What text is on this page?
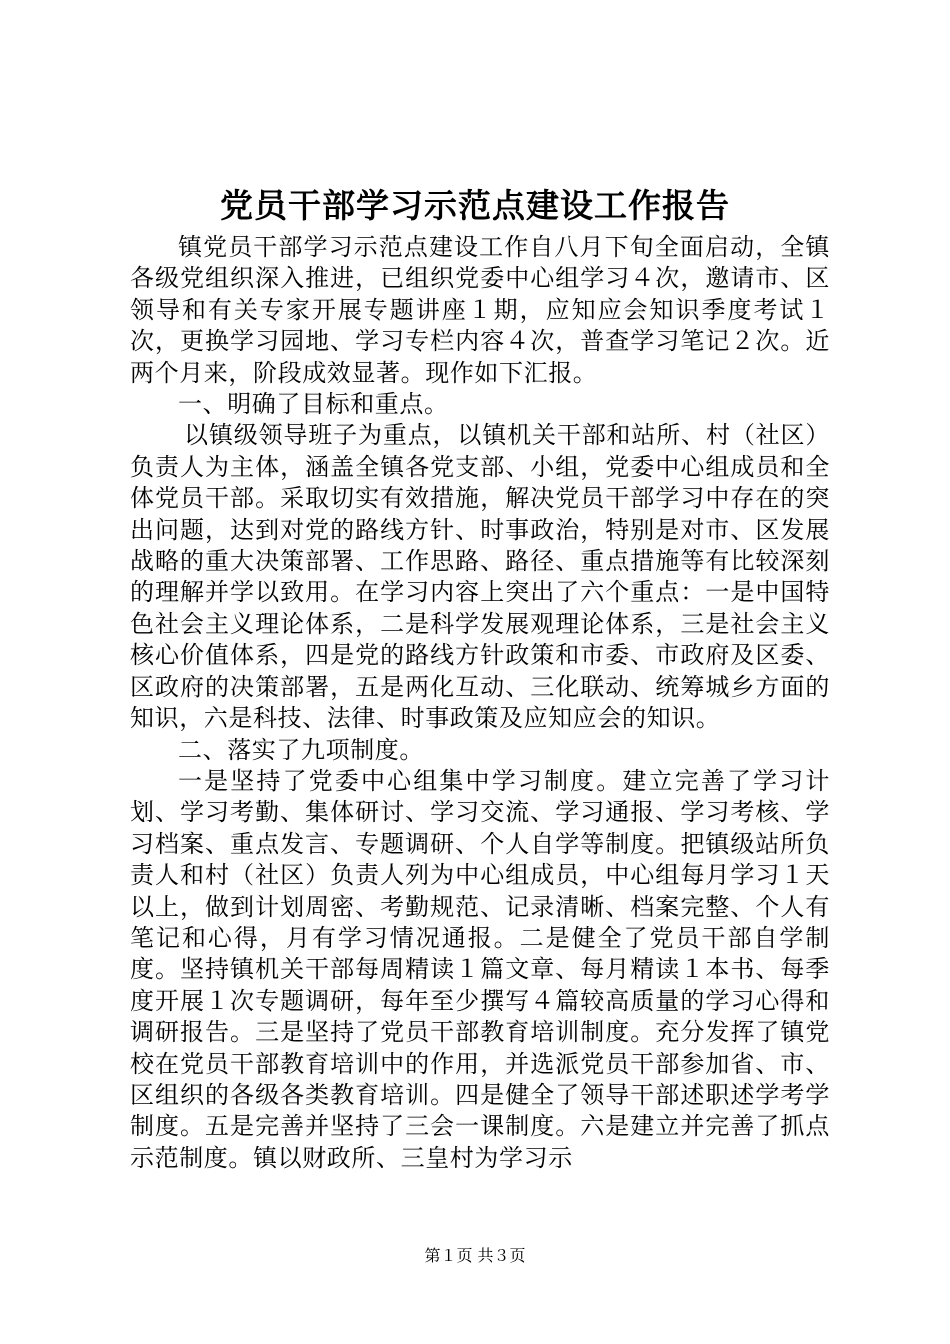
党员干部学习示范点建设工作报告

镇党员干部学习示范点建设工作自八月下旬全面启动，全镇各级党组织深入推进，已组织党委中心组学习４次，邀请市、区领导和有关专家开展专题讲座１期，应知应会知识季度考试１次，更换学习园地、学习专栏内容４次，普查学习笔记２次。近两个月来，阶段成效显著。现作如下汇报。

一、明确了目标和重点。

以镇级领导班子为重点，以镇机关干部和站所、村（社区）负责人为主体，涵盖全镇各党支部、小组，党委中心组成员和全体党员干部。采取切实有效措施，解决党员干部学习中存在的突出问题，达到对党的路线方针、时事政治，特别是对市、区发展战略的重大决策部署、工作思路、路径、重点措施等有比较深刻的理解并学以致用。在学习内容上突出了六个重点：一是中国特色社会主义理论体系，二是科学发展观理论体系，三是社会主义核心价值体系，四是党的路线方针政策和市委、市政府及区委、区政府的决策部署，五是两化互动、三化联动、统筹城乡方面的知识，六是科技、法律、时事政策及应知应会的知识。

二、落实了九项制度。

一是坚持了党委中心组集中学习制度。建立完善了学习计划、学习考勤、集体研讨、学习交流、学习通报、学习考核、学习档案、重点发言、专题调研、个人自学等制度。把镇级站所负责人和村（社区）负责人列为中心组成员，中心组每月学习１天以上，做到计划周密、考勤规范、记录清晰、档案完整、个人有笔记和心得，月有学习情况通报。二是健全了党员干部自学制度。坚持镇机关干部每周精读１篇文章、每月精读１本书、每季度开展１次专题调研，每年至少撰写４篇较高质量的学习心得和调研报告。三是坚持了党员干部教育培训制度。充分发挥了镇党校在党员干部教育培训中的作用，并选派党员干部参加省、市、区组织的各级各类教育培训。四是健全了领导干部述职述学考学制度。五是完善并坚持了三会一课制度。六是建立并完善了抓点示范制度。镇以财政所、三皇村为学习示

第１页 共３页
